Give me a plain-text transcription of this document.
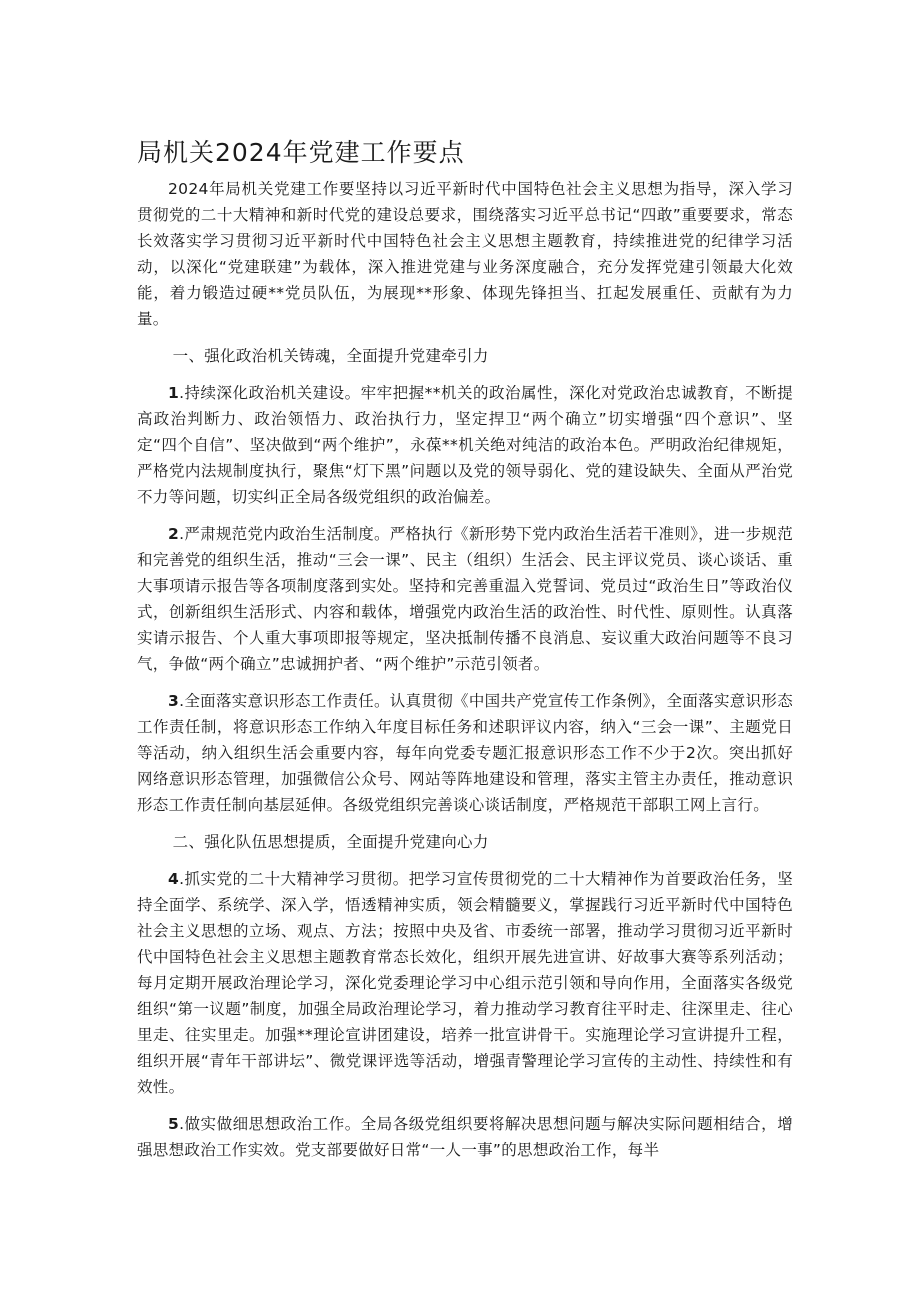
局机关2024年党建工作要点

2024年局机关党建工作要坚持以习近平新时代中国特色社会主义思想为指导，深入学习贯彻党的二十大精神和新时代党的建设总要求，围绕落实习近平总书记“四敢”重要要求，常态长效落实学习贯彻习近平新时代中国特色社会主义思想主题教育，持续推进党的纪律学习活动，以深化“党建联建”为载体，深入推进党建与业务深度融合，充分发挥党建引领最大化效能，着力锻造过硬**党员队伍，为展现**形象、体现先锋担当、扛起发展重任、贡献有为力量。

一、强化政治机关铸魂，全面提升党建牵引力

1.持续深化政治机关建设。牢牢把握**机关的政治属性，深化对党政治忠诚教育，不断提高政治判断力、政治领悟力、政治执行力，坚定捍卫“两个确立”切实增强“四个意识”、坚定“四个自信”、坚决做到“两个维护”，永葆**机关绝对纯洁的政治本色。严明政治纪律规矩，严格党内法规制度执行，聚焦“灯下黑”问题以及党的领导弱化、党的建设缺失、全面从严治党不力等问题，切实纠正全局各级党组织的政治偏差。

2.严肃规范党内政治生活制度。严格执行《新形势下党内政治生活若干准则》，进一步规范和完善党的组织生活，推动“三会一课”、民主（组织）生活会、民主评议党员、谈心谈话、重大事项请示报告等各项制度落到实处。坚持和完善重温入党誓词、党员过“政治生日”等政治仪式，创新组织生活形式、内容和载体，增强党内政治生活的政治性、时代性、原则性。认真落实请示报告、个人重大事项即报等规定，坚决抵制传播不良消息、妄议重大政治问题等不良习气，争做“两个确立”忠诚拥护者、“两个维护”示范引领者。

3.全面落实意识形态工作责任。认真贯彻《中国共产党宣传工作条例》，全面落实意识形态工作责任制，将意识形态工作纳入年度目标任务和述职评议内容，纳入“三会一课”、主题党日等活动，纳入组织生活会重要内容，每年向党委专题汇报意识形态工作不少于2次。突出抓好网络意识形态管理，加强微信公众号、网站等阵地建设和管理，落实主管主办责任，推动意识形态工作责任制向基层延伸。各级党组织完善谈心谈话制度，严格规范干部职工网上言行。

二、强化队伍思想提质，全面提升党建向心力

4.抓实党的二十大精神学习贯彻。把学习宣传贯彻党的二十大精神作为首要政治任务，坚持全面学、系统学、深入学，悟透精神实质，领会精髓要义，掌握践行习近平新时代中国特色社会主义思想的立场、观点、方法；按照中央及省、市委统一部署，推动学习贯彻习近平新时代中国特色社会主义思想主题教育常态长效化，组织开展先进宣讲、好故事大赛等系列活动；每月定期开展政治理论学习，深化党委理论学习中心组示范引领和导向作用，全面落实各级党组织“第一议题”制度，加强全局政治理论学习，着力推动学习教育往平时走、往深里走、往心里走、往实里走。加强**理论宣讲团建设，培养一批宣讲骨干。实施理论学习宣讲提升工程，组织开展“青年干部讲坛”、微党课评选等活动，增强青警理论学习宣传的主动性、持续性和有效性。

5.做实做细思想政治工作。全局各级党组织要将解决思想问题与解决实际问题相结合，增强思想政治工作实效。党支部要做好日常“一人一事”的思想政治工作，每半
